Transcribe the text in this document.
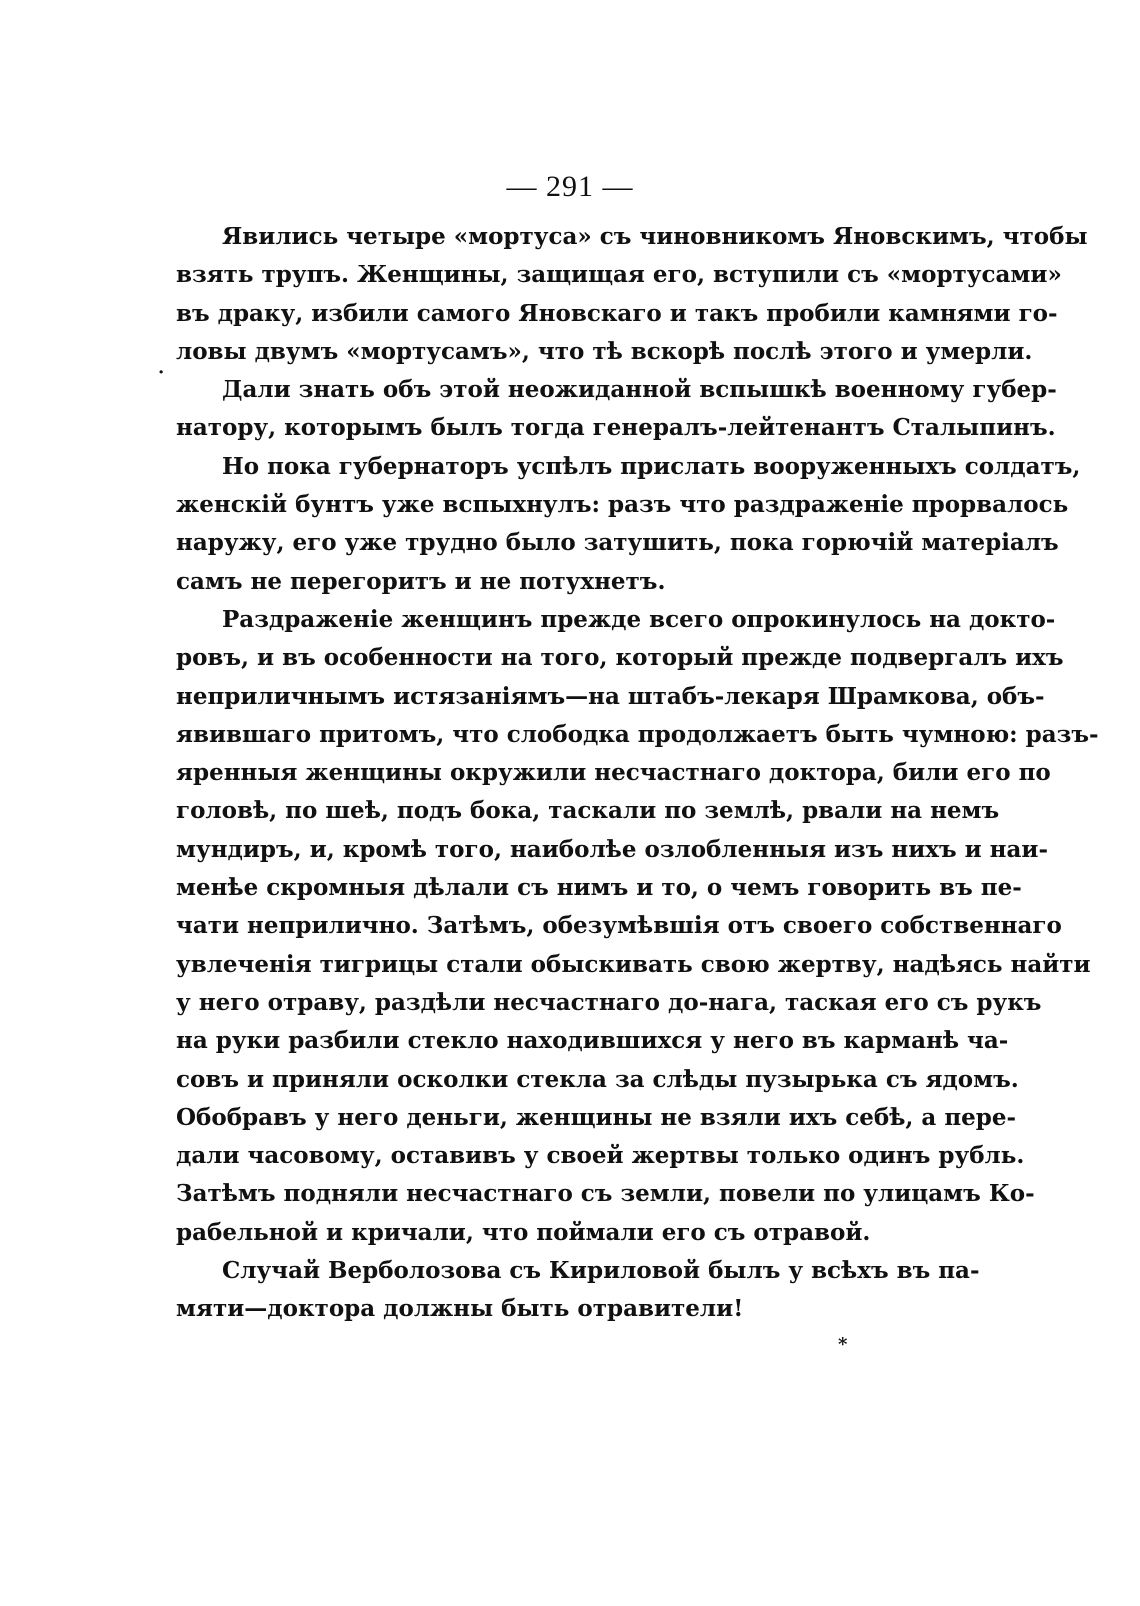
— 291 —
Явились четыре «мортуса» съ чиновникомъ Яновскимъ, чтобы
взять трупъ. Женщины, защищая его, вступили съ «мортусами»
въ драку, избили самого Яновскаго и такъ пробили камнями го-
ловы двумъ «мортусамъ», что тѣ вскорѣ послѣ этого и умерли.
Дали знать объ этой неожиданной вспышкѣ военному губер-
натору, которымъ былъ тогда генералъ-лейтенантъ Сталыпинъ.
Но пока губернаторъ успѣлъ прислать вооруженныхъ солдатъ,
женскій бунтъ уже вспыхнулъ: разъ что раздраженіе прорвалось
наружу, его уже трудно было затушить, пока горючій матеріалъ
самъ не перегоритъ и не потухнетъ.
Раздраженіе женщинъ прежде всего опрокинулось на докто-
ровъ, и въ особенности на того, который прежде подвергалъ ихъ
неприличнымъ истязаніямъ—на штабъ-лекаря Шрамкова, объ-
явившаго притомъ, что слободка продолжаетъ быть чумною: разъ-
яренныя женщины окружили несчастнаго доктора, били его по
головѣ, по шеѣ, подъ бока, таскали по землѣ, рвали на немъ
мундиръ, и, кромѣ того, наиболѣе озлобленныя изъ нихъ и наи-
менѣе скромныя дѣлали съ нимъ и то, о чемъ говорить въ пе-
чати неприлично. Затѣмъ, обезумѣвшія отъ своего собственнаго
увлеченія тигрицы стали обыскивать свою жертву, надѣясь найти
у него отраву, раздѣли несчастнаго до-нага, таская его съ рукъ
на руки разбили стекло находившихся у него въ карманѣ ча-
совъ и приняли осколки стекла за слѣды пузырька съ ядомъ.
Обобравъ у него деньги, женщины не взяли ихъ себѣ, а пере-
дали часовому, оставивъ у своей жертвы только одинъ рубль.
Затѣмъ подняли несчастнаго съ земли, повели по улицамъ Ко-
рабельной и кричали, что поймали его съ отравой.
Случай Верболозова съ Кириловой былъ у всѣхъ въ па-
мяти—доктора должны быть отравители!
·
*
